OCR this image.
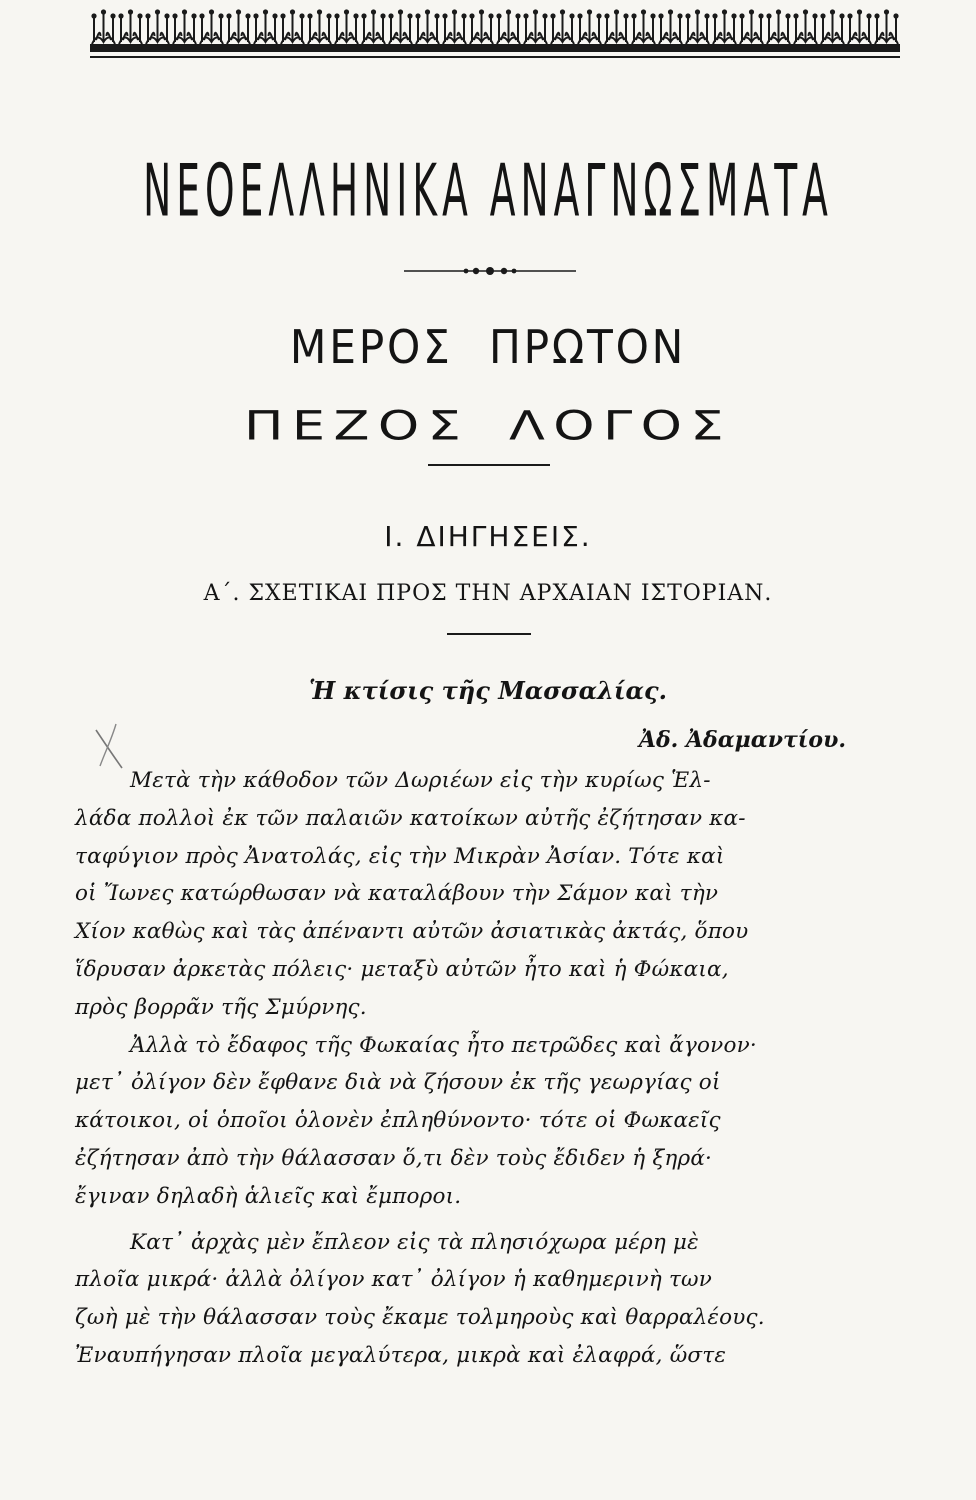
ΝΕΟΕΛΛΗΝΙΚΑ ΑΝΑΓΝΩΣΜΑΤΑ
ΜΕΡΟΣ ΠΡΩΤΟΝ
ΠΕΖΟΣ ΛΟΓΟΣ
Ι. ΔΙΗΓΗΣΕΙΣ.
Α΄. ΣΧΕΤΙΚΑΙ ΠΡΟΣ ΤΗΝ ΑΡΧΑΙΑΝ ΙΣΤΟΡΙΑΝ.
Ἡ κτίσις τῆς Μασσαλίας.
Ἀδ. Ἀδαμαντίου.
Μετὰ τὴν κάθοδον τῶν Δωριέων εἰς τὴν κυρίως Ἑλ-
λάδα πολλοὶ ἐκ τῶν παλαιῶν κατοίκων αὐτῆς ἐζήτησαν κα-
ταφύγιον πρὸς Ἀνατολάς, εἰς τὴν Μικρὰν Ἀσίαν. Τότε καὶ
οἱ Ἴωνες κατώρθωσαν νὰ καταλάβουν τὴν Σάμον καὶ τὴν
Χίον καθὼς καὶ τὰς ἀπέναντι αὐτῶν ἀσιατικὰς ἀκτάς, ὅπου
ἵδρυσαν ἀρκετὰς πόλεις· μεταξὺ αὐτῶν ἦτο καὶ ἡ Φώκαια,
πρὸς βορρᾶν τῆς Σμύρνης.
Ἀλλὰ τὸ ἔδαφος τῆς Φωκαίας ἦτο πετρῶδες καὶ ἄγονον·
μετ᾿ ὀλίγον δὲν ἔφθανε διὰ νὰ ζήσουν ἐκ τῆς γεωργίας οἱ
κάτοικοι, οἱ ὁποῖοι ὁλονὲν ἐπληθύνοντο· τότε οἱ Φωκαεῖς
ἐζήτησαν ἀπὸ τὴν θάλασσαν ὅ,τι δὲν τοὺς ἔδιδεν ἡ ξηρά·
ἔγιναν δηλαδὴ ἁλιεῖς καὶ ἔμποροι.
Κατ᾿ ἀρχὰς μὲν ἔπλεον εἰς τὰ πλησιόχωρα μέρη μὲ
πλοῖα μικρά· ἀλλὰ ὀλίγον κατ᾿ ὀλίγον ἡ καθημερινὴ των
ζωὴ μὲ τὴν θάλασσαν τοὺς ἔκαμε τολμηροὺς καὶ θαρραλέους.
Ἐναυπήγησαν πλοῖα μεγαλύτερα, μικρὰ καὶ ἐλαφρά, ὥστε
